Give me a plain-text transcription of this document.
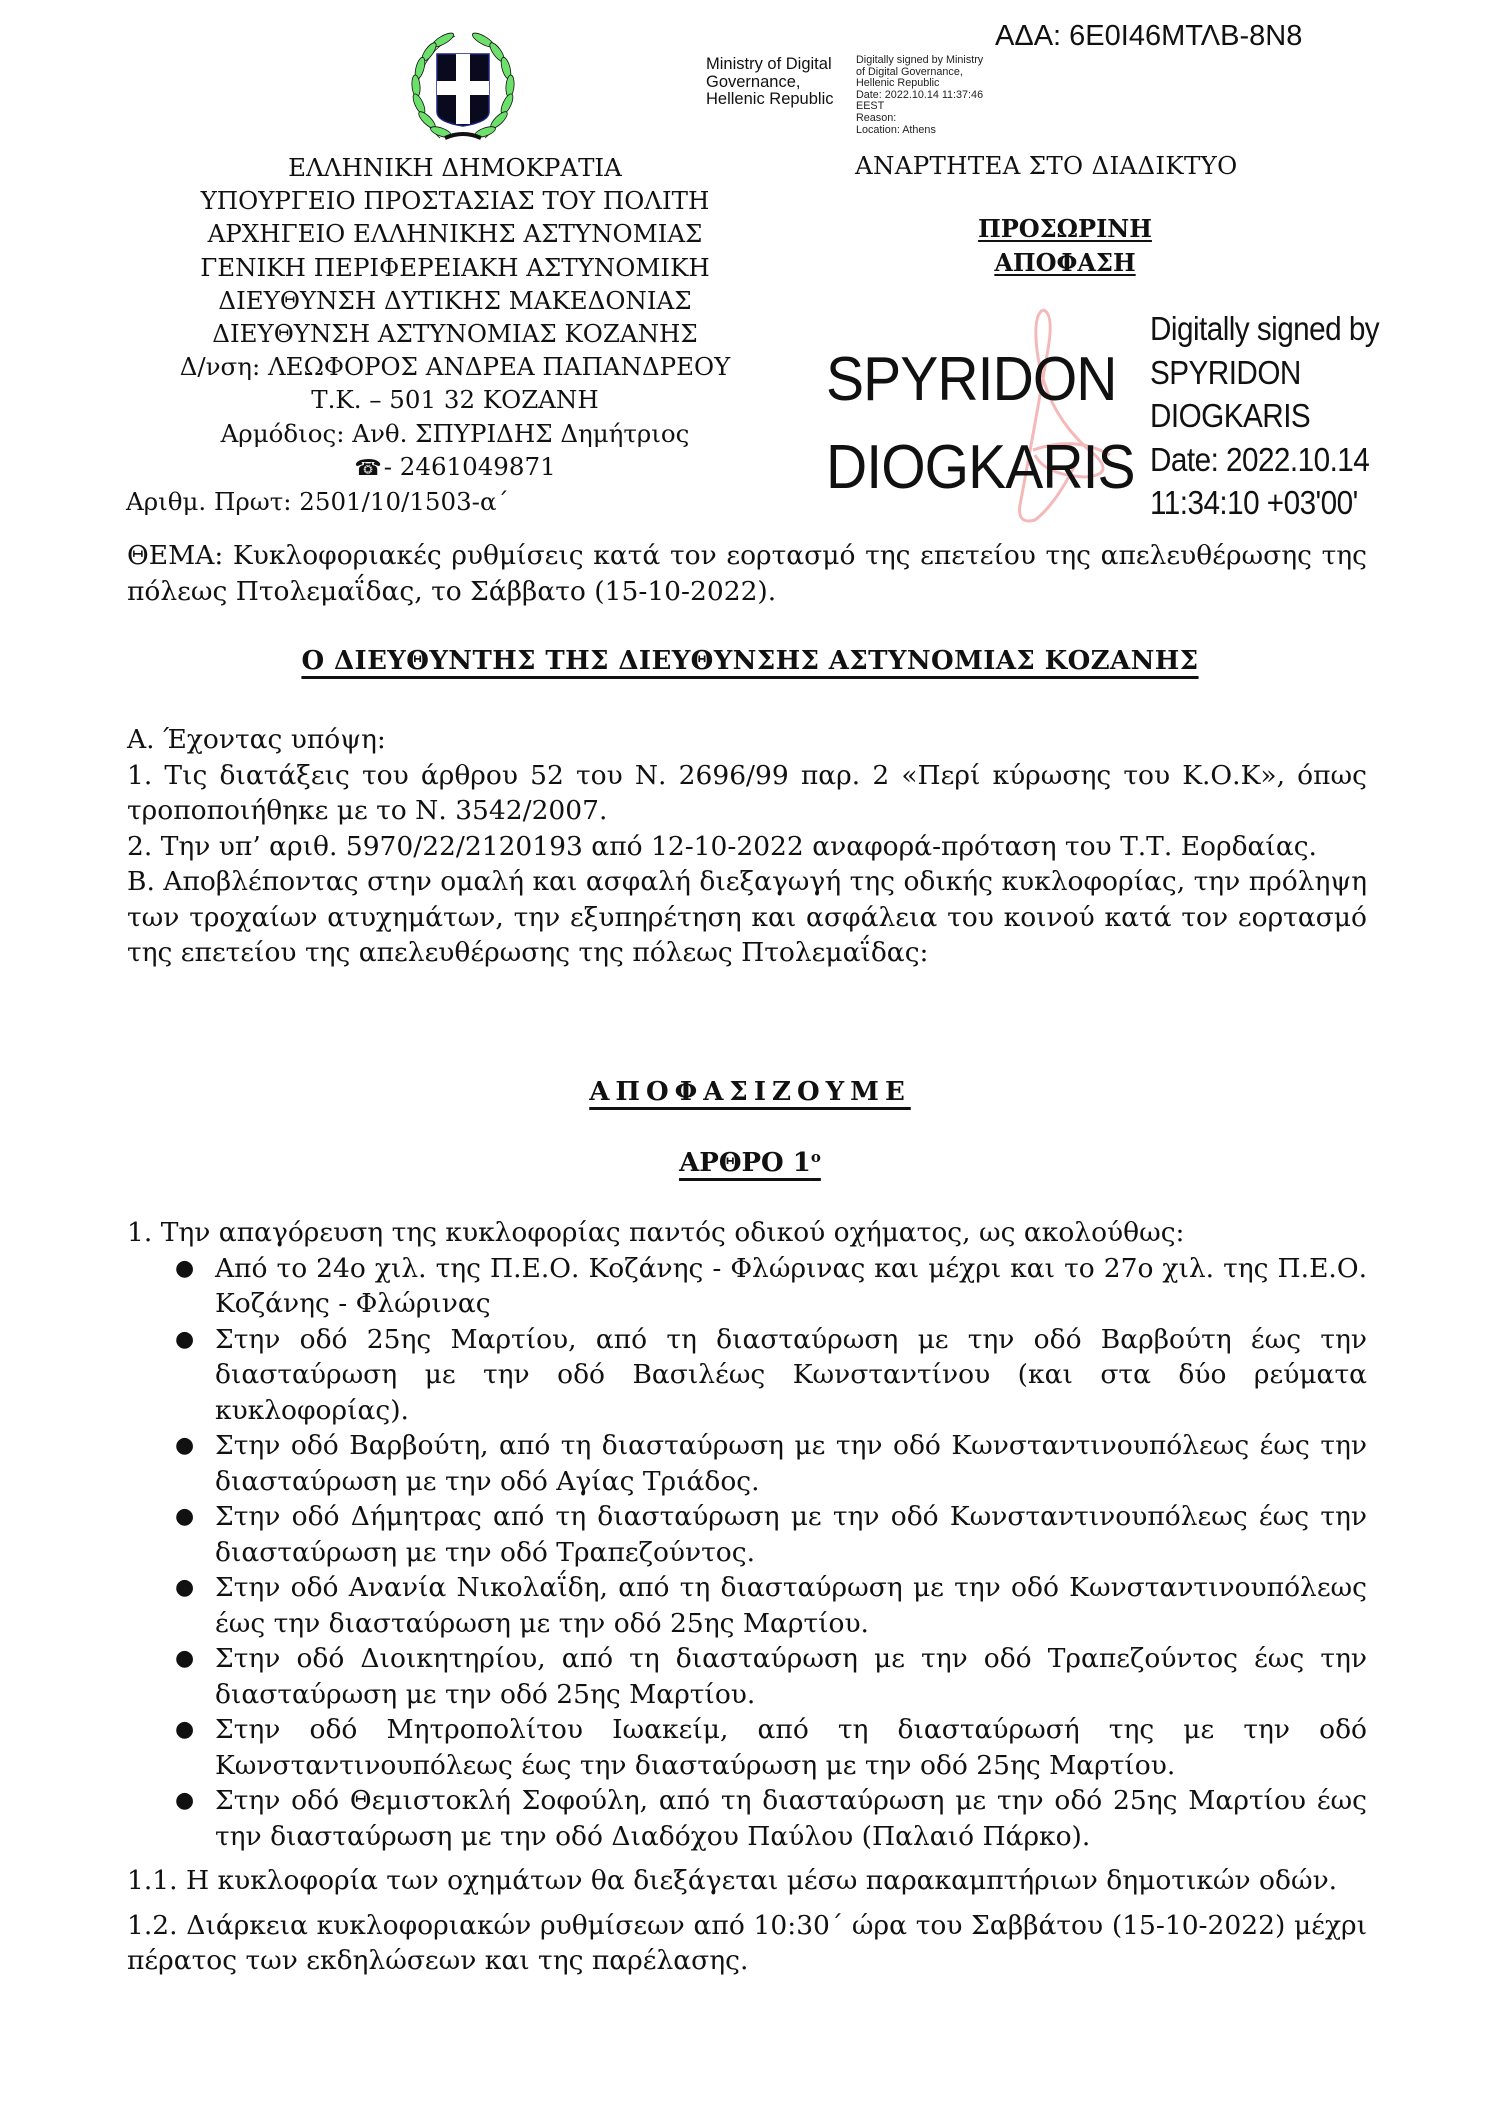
ΑΔΑ: 6Ε0Ι46ΜΤΛΒ-8Ν8
Ministry of Digital
Governance,
Hellenic Republic
Digitally signed by Ministry
of Digital Governance,
Hellenic Republic
Date: 2022.10.14 11:37:46
EEST
Reason:
Location: Athens
ΕΛΛΗΝΙΚΗ ΔΗΜΟΚΡΑΤΙΑ
ΥΠΟΥΡΓΕΙΟ ΠΡΟΣΤΑΣΙΑΣ ΤΟΥ ΠΟΛΙΤΗ
ΑΡΧΗΓΕΙΟ ΕΛΛΗΝΙΚΗΣ ΑΣΤΥΝΟΜΙΑΣ
ΓΕΝΙΚΗ ΠΕΡΙΦΕΡΕΙΑΚΗ ΑΣΤΥΝΟΜΙΚΗ
ΔΙΕΥΘΥΝΣΗ ΔΥΤΙΚΗΣ ΜΑΚΕΔΟΝΙΑΣ
ΔΙΕΥΘΥΝΣΗ ΑΣΤΥΝΟΜΙΑΣ ΚΟΖΑΝΗΣ
Δ/νση: ΛΕΩΦΟΡΟΣ ΑΝΔΡΕΑ ΠΑΠΑΝΔΡΕΟΥ
Τ.Κ. – 501 32 ΚΟΖΑΝΗ
Αρμόδιος: Ανθ. ΣΠΥΡΙΔΗΣ Δημήτριος
☎- 2461049871
Αριθμ. Πρωτ: 2501/10/1503-α΄
ΑΝΑΡΤΗΤΕΑ ΣΤΟ ΔΙΑΔΙΚΤΥΟ
ΠΡΟΣΩΡΙΝΗ
ΑΠΟΦΑΣΗ
SPYRIDON
DIOGKARIS
Digitally signed by
SPYRIDON
DIOGKARIS
Date: 2022.10.14
11:34:10 +03'00'
ΘΕΜΑ: Κυκλοφοριακές ρυθμίσεις κατά τον εορτασμό της επετείου της απελευθέρωσης της πόλεως Πτολεμαΐδας, το Σάββατο (15-10-2022).
Ο ΔΙΕΥΘΥΝΤΗΣ ΤΗΣ ΔΙΕΥΘΥΝΣΗΣ ΑΣΤΥΝΟΜΙΑΣ ΚΟΖΑΝΗΣ

Α. Έχοντας υπόψη:

1. Τις διατάξεις του άρθρου 52 του Ν. 2696/99 παρ. 2 «Περί κύρωσης του Κ.Ο.Κ», όπως τροποποιήθηκε με το Ν. 3542/2007.

2. Την υπ’ αριθ. 5970/22/2120193 από 12-10-2022 αναφορά-πρόταση του Τ.Τ. Εορδαίας.

Β. Αποβλέποντας στην ομαλή και ασφαλή διεξαγωγή της οδικής κυκλοφορίας, την πρόληψη των τροχαίων ατυχημάτων, την εξυπηρέτηση και ασφάλεια του κοινού κατά τον εορτασμό της επετείου της απελευθέρωσης της πόλεως Πτολεμαΐδας:

ΑΠΟΦΑΣΙΖΟΥΜΕ
ΑΡΘΡΟ $1^o$

1. Την απαγόρευση της κυκλοφορίας παντός οδικού οχήματος, ως ακολούθως:

● Από το 24ο χιλ. της Π.Ε.Ο. Κοζάνης - Φλώρινας και μέχρι και το 27ο χιλ. της Π.Ε.Ο. Κοζάνης - Φλώρινας
● Στην οδό 25ης Μαρτίου, από τη διασταύρωση με την οδό Βαρβούτη έως την διασταύρωση με την οδό Βασιλέως Κωνσταντίνου (και στα δύο ρεύματα κυκλοφορίας).
● Στην οδό Βαρβούτη, από τη διασταύρωση με την οδό Κωνσταντινουπόλεως έως την διασταύρωση με την οδό Αγίας Τριάδος.
● Στην οδό Δήμητρας από τη διασταύρωση με την οδό Κωνσταντινουπόλεως έως την διασταύρωση με την οδό Τραπεζούντος.
● Στην οδό Ανανία Νικολαΐδη, από τη διασταύρωση με την οδό Κωνσταντινουπόλεως έως την διασταύρωση με την οδό 25ης Μαρτίου.
● Στην οδό Διοικητηρίου, από τη διασταύρωση με την οδό Τραπεζούντος έως την διασταύρωση με την οδό 25ης Μαρτίου.
● Στην οδό Μητροπολίτου Ιωακείμ, από τη διασταύρωσή της με την οδό Κωνσταντινουπόλεως έως την διασταύρωση με την οδό 25ης Μαρτίου.
● Στην οδό Θεμιστοκλή Σοφούλη, από τη διασταύρωση με την οδό 25ης Μαρτίου έως την διασταύρωση με την οδό Διαδόχου Παύλου (Παλαιό Πάρκο).

1.1. Η κυκλοφορία των οχημάτων θα διεξάγεται μέσω παρακαμπτήριων δημοτικών οδών.

1.2. Διάρκεια κυκλοφοριακών ρυθμίσεων από 10:30΄ ώρα του Σαββάτου (15-10-2022) μέχρι πέρατος των εκδηλώσεων και της παρέλασης.
